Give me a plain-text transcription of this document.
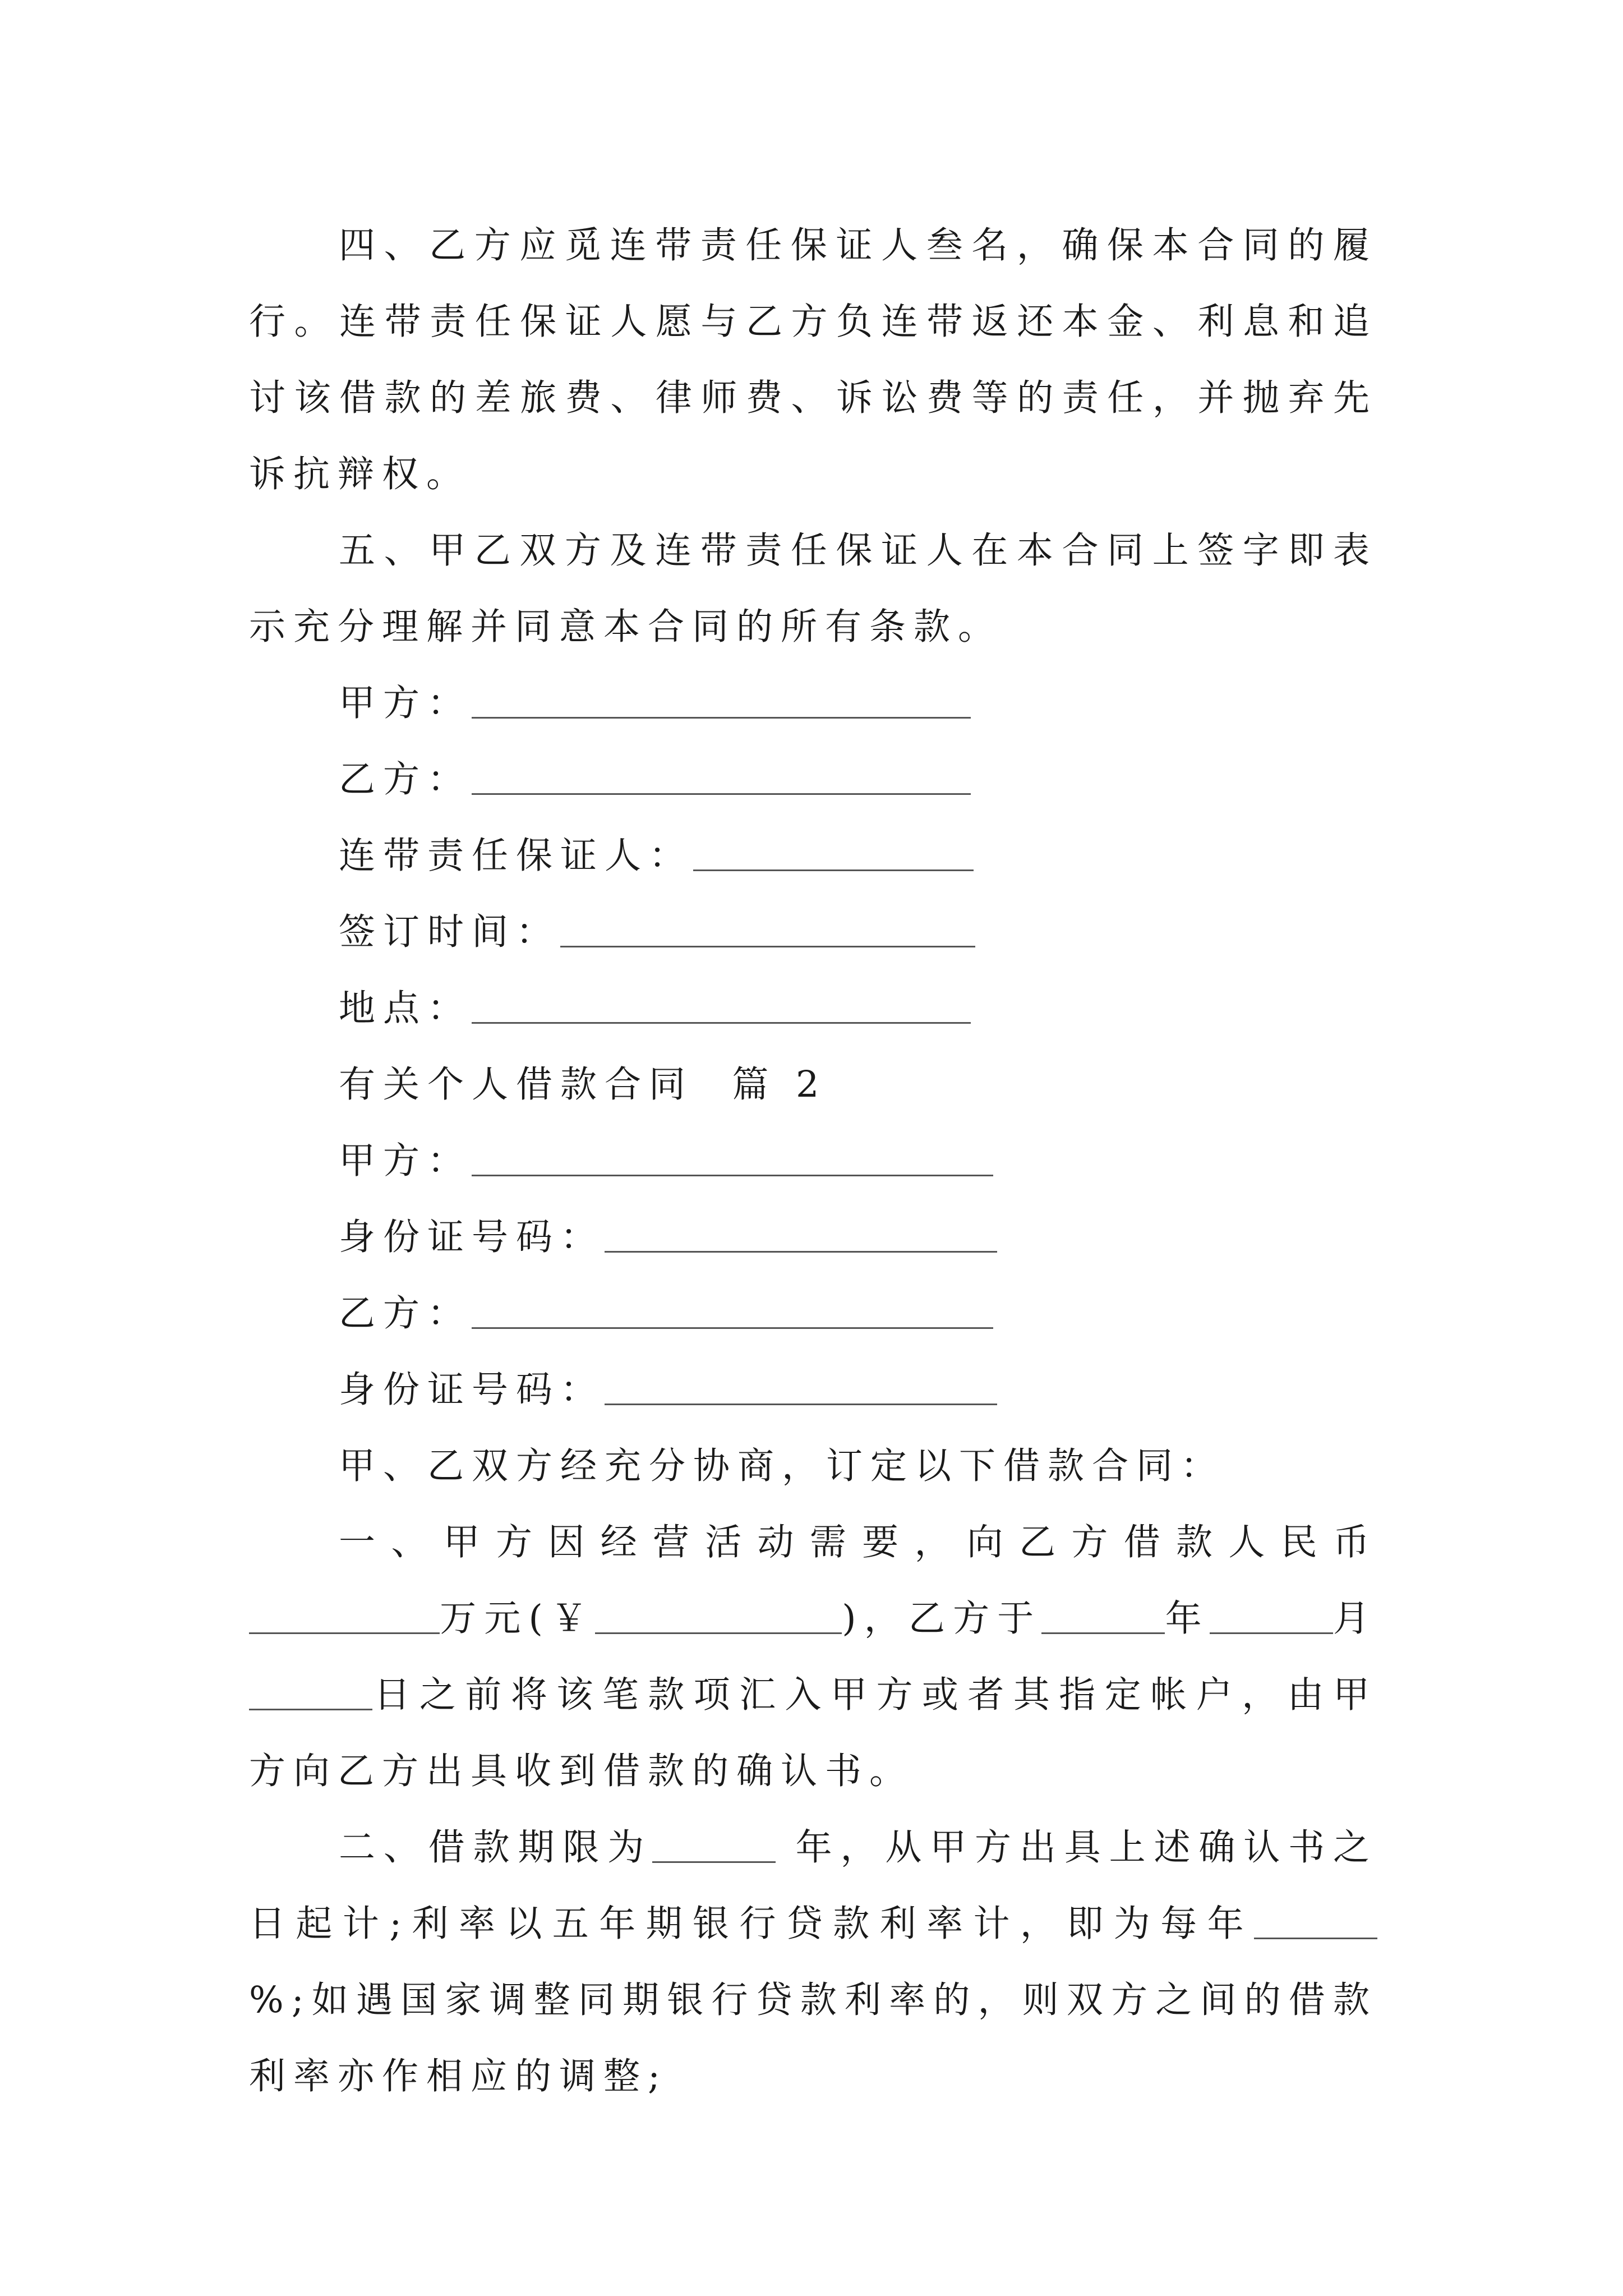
四、乙方应觅连带责任保证人叁名，确保本合同的履行。连带责任保证人愿与乙方负连带返还本金、利息和追讨该借款的差旅费、律师费、诉讼费等的责任，并抛弃先诉抗辩权。

五、甲乙双方及连带责任保证人在本合同上签字即表示充分理解并同意本合同的所有条款。

甲方：

乙方：

连带责任保证人：

签订时间：

地点：

有关个人借款合同  篇 2

甲方：

身份证号码：

乙方：

身份证号码：

甲、乙双方经充分协商，订定以下借款合同：

一、甲方因经营活动需要，向乙方借款人民币万元(￥	)，乙方于	年	月日之前将该笔款项汇入甲方或者其指定帐户，由甲方向乙方出具收到借款的确认书。

二、借款期限为	年，从甲方出具上述确认书之日起计;利率以五年期银行贷款利率计，即为每年%;如遇国家调整同期银行贷款利率的，则双方之间的借款利率亦作相应的调整;
